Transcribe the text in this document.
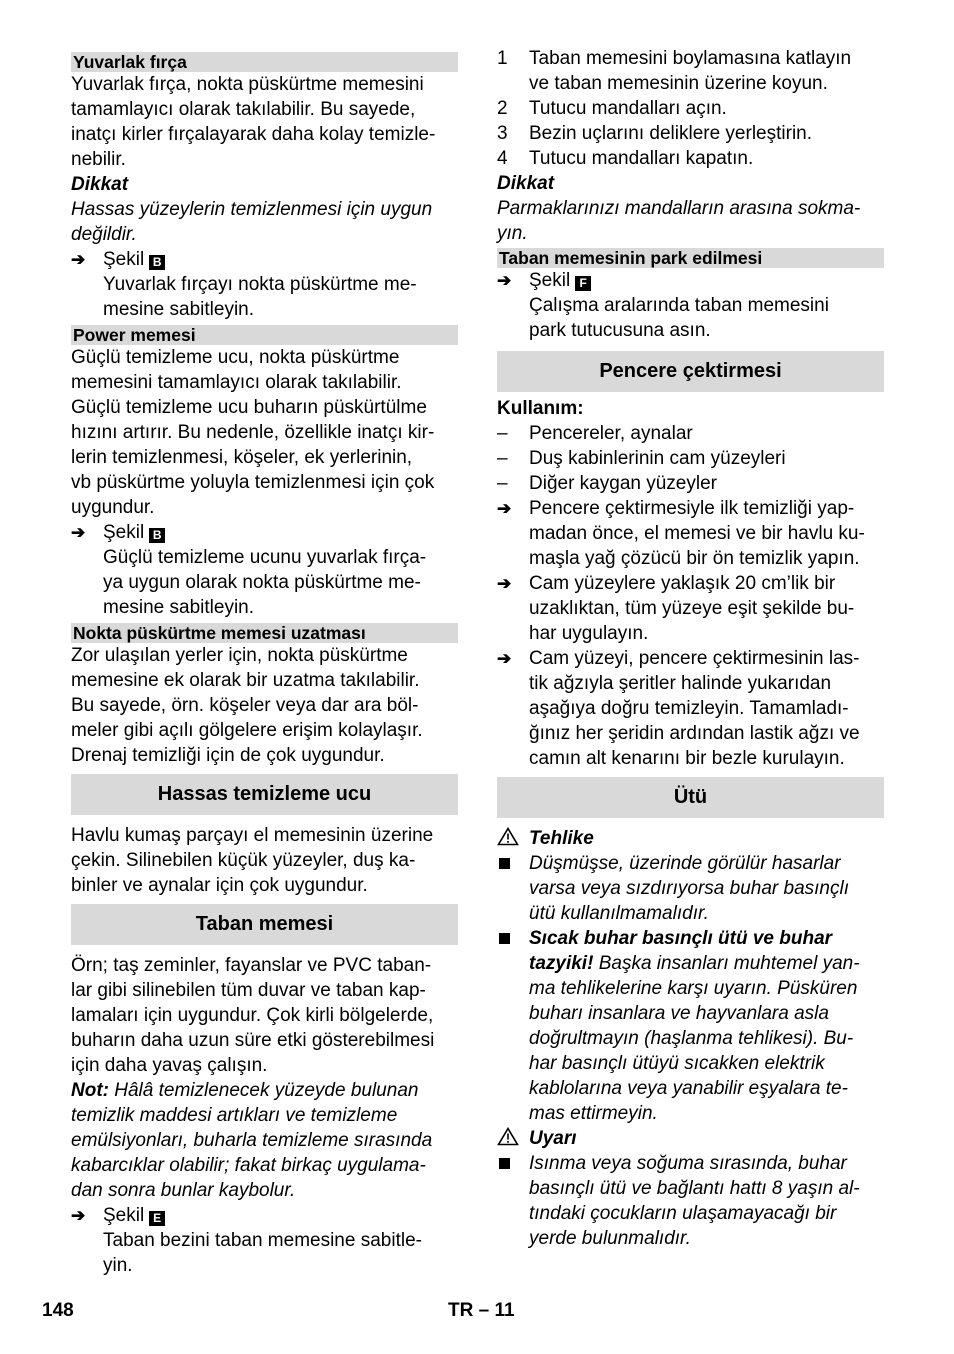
Yuvarlak fırça
Yuvarlak fırça, nokta püskürtme memesini
tamamlayıcı olarak takılabilir. Bu sayede,
inatçı kirler fırçalayarak daha kolay temizle-
nebilir.
Dikkat
Hassas yüzeylerin temizlenmesi için uygun
değildir.
➔ Şekil B
Yuvarlak fırçayı nokta püskürtme me-
mesine sabitleyin.
Power memesi
Güçlü temizleme ucu, nokta püskürtme
memesini tamamlayıcı olarak takılabilir.
Güçlü temizleme ucu buharın püskürtülme
hızını artırır. Bu nedenle, özellikle inatçı kir-
lerin temizlenmesi, köşeler, ek yerlerinin,
vb püskürtme yoluyla temizlenmesi için çok
uygundur.
➔ Şekil B
Güçlü temizleme ucunu yuvarlak fırça-
ya uygun olarak nokta püskürtme me-
mesine sabitleyin.
Nokta püskürtme memesi uzatması
Zor ulaşılan yerler için, nokta püskürtme
memesine ek olarak bir uzatma takılabilir.
Bu sayede, örn. köşeler veya dar ara böl-
meler gibi açılı gölgelere erişim kolaylaşır.
Drenaj temizliği için de çok uygundur.
Hassas temizleme ucu
Havlu kumaş parçayı el memesinin üzerine
çekin. Silinebilen küçük yüzeyler, duş ka-
binler ve aynalar için çok uygundur.
Taban memesi
Örn; taş zeminler, fayanslar ve PVC taban-
lar gibi silinebilen tüm duvar ve taban kap-
lamaları için uygundur. Çok kirli bölgelerde,
buharın daha uzun süre etki gösterebilmesi
için daha yavaş çalışın.
Not: Hâlâ temizlenecek yüzeyde bulunan
temizlik maddesi artıkları ve temizleme
emülsiyonları, buharla temizleme sırasında
kabarcıklar olabilir; fakat birkaç uygulama-
dan sonra bunlar kaybolur.
➔ Şekil E
Taban bezini taban memesine sabitle-
yin.
1	Taban memesini boylamasına katlayın
ve taban memesinin üzerine koyun.
2	Tutucu mandalları açın.
3	Bezin uçlarını deliklere yerleştirin.
4	Tutucu mandalları kapatın.
Dikkat
Parmaklarınızı mandalların arasına sokma-
yın.
Taban memesinin park edilmesi
➔ Şekil F
Çalışma aralarında taban memesini
park tutucusuna asın.
Pencere çektirmesi
Kullanım:
–	Pencereler, aynalar
–	Duş kabinlerinin cam yüzeyleri
–	Diğer kaygan yüzeyler
➔ Pencere çektirmesiyle ilk temizliği yap-
madan önce, el memesi ve bir havlu ku-
maşla yağ çözücü bir ön temizlik yapın.
➔ Cam yüzeylere yaklaşık 20 cm’lik bir
uzaklıktan, tüm yüzeye eşit şekilde bu-
har uygulayın.
➔ Cam yüzeyi, pencere çektirmesinin las-
tik ağzıyla şeritler halinde yukarıdan
aşağıya doğru temizleyin. Tamamladı-
ğınız her şeridin ardından lastik ağzı ve
camın alt kenarını bir bezle kurulayın.
Ütü
Tehlike
Düşmüşse, üzerinde görülür hasarlar
varsa veya sızdırıyorsa buhar basınçlı
ütü kullanılmamalıdır.
Sıcak buhar basınçlı ütü ve buhar
tazyiki! Başka insanları muhtemel yan-
ma tehlikelerine karşı uyarın. Püsküren
buharı insanlara ve hayvanlara asla
doğrultmayın (haşlanma tehlikesi). Bu-
har basınçlı ütüyü sıcakken elektrik
kablolarına veya yanabilir eşyalara te-
mas ettirmeyin.
Uyarı
Isınma veya soğuma sırasında, buhar
basınçlı ütü ve bağlantı hattı 8 yaşın al-
tındaki çocukların ulaşamayacağı bir
yerde bulunmalıdır.
148	TR – 11
